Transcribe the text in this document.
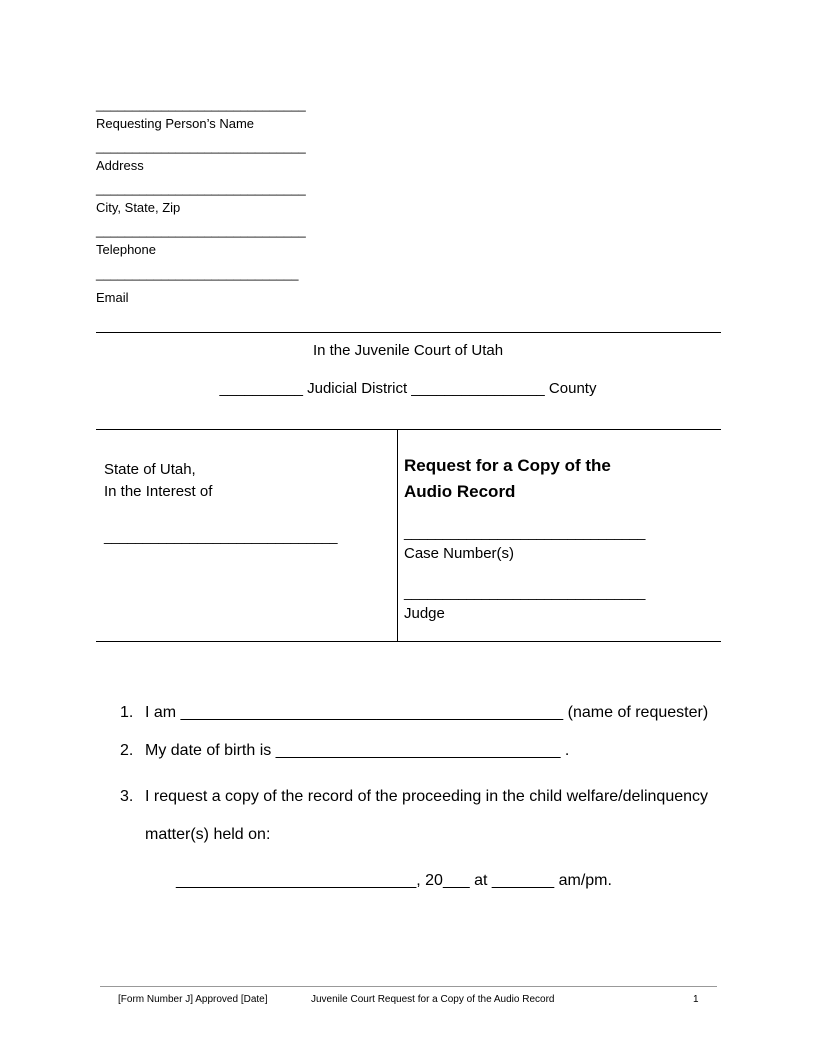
_____________________________
Requesting Person’s Name
_____________________________
Address
_____________________________
City, State, Zip
_____________________________
Telephone
____________________________
Email
In the Juvenile Court of Utah
__________ Judicial District ________________ County
State of Utah,
In the Interest of
______________________________
Request for a Copy of the
Audio Record
_______________________________
Case Number(s)
_______________________________
Judge
1. I am ___________________________________________ (name of requester)
2. My date of birth is ________________________________ .
3. I request a copy of the record of the proceeding in the child welfare/delinquency
matter(s) held on:
___________________________, 20___ at _______ am/pm.
[Form Number J] Approved [Date]	Juvenile Court Request for a Copy of the Audio Record	1
